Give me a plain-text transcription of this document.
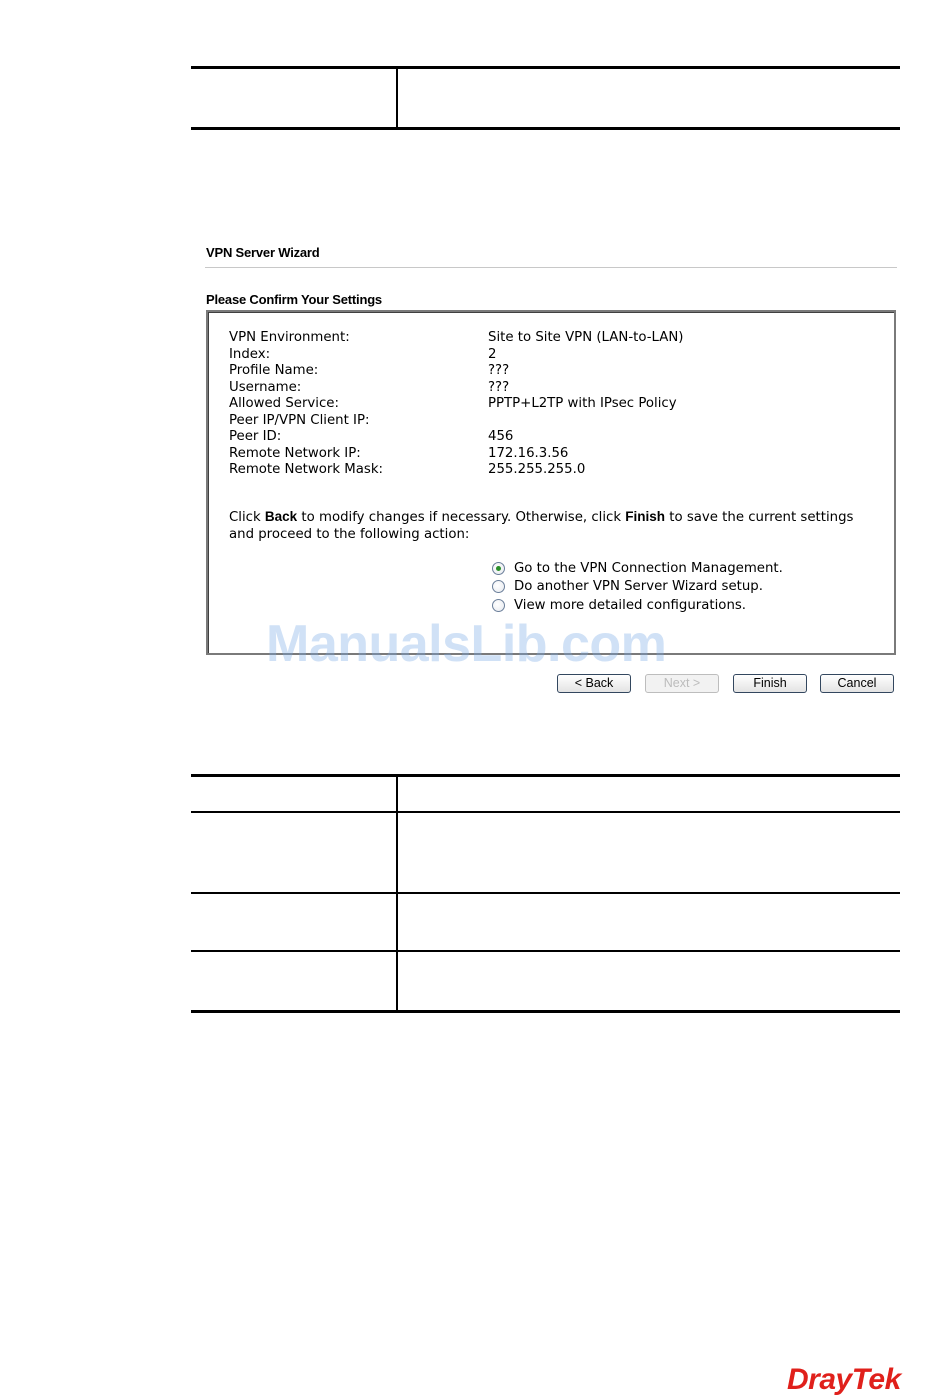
VPN Server Wizard
Please Confirm Your Settings
VPN Environment:	Site to Site VPN (LAN-to-LAN)
Index:	2
Profile Name:	???
Username:	???
Allowed Service:	PPTP+L2TP with IPsec Policy
Peer IP/VPN Client IP:
Peer ID:	456
Remote Network IP:	172.16.3.56
Remote Network Mask:	255.255.255.0
Click Back to modify changes if necessary. Otherwise, click Finish to save the current settings and proceed to the following action:
Go to the VPN Connection Management.
Do another VPN Server Wizard setup.
View more detailed configurations.
< Back	Next >	Finish	Cancel
ManualsLib.com
DrayTek
